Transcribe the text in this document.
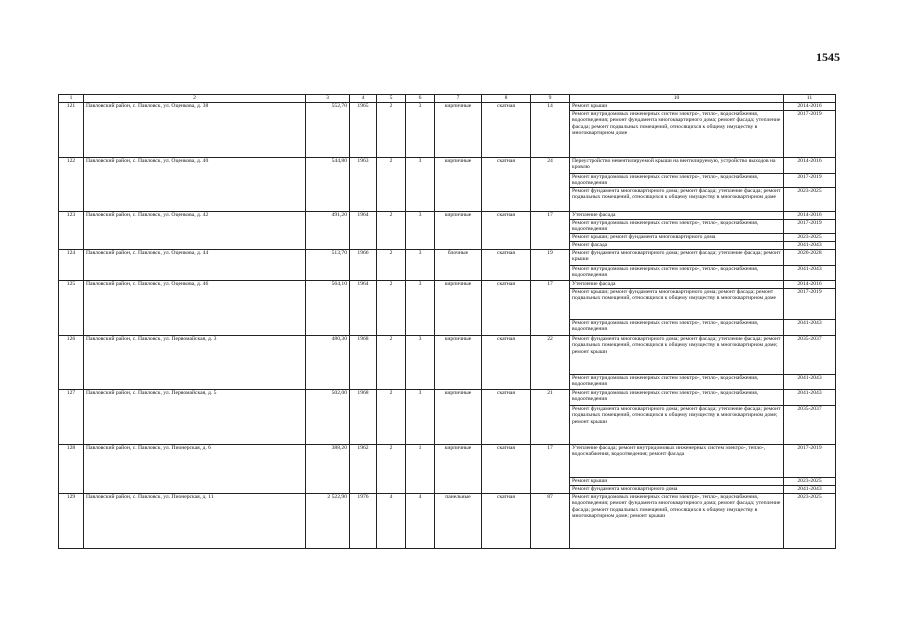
1545
1	2	3	4	5	6	7	8	9	10	11
121	Павловский район, с. Павловск, ул. Оценкова, д. 38	552,70	1965	2	3	кирпичные	скатная	14	Ремонт крыши	2014-2016
									Ремонт внутридомовых инженерных систем электро-, тепло-, водоснабжения, водоотведения; ремонт фундамента многоквартирного дома; ремонт фасада; утепление фасада; ремонт подвальных помещений, относящихся к общему имуществу в многоквартирном доме	2017-2019
122	Павловский район, с. Павловск, ул. Оценкова, д. 40	544,80	1963	2	3	кирпичные	скатная	24	Переустройство невентилируемой крыши на вентилируемую, устройство выходов на кровлю	2014-2016
									Ремонт внутридомовых инженерных систем электро-, тепло-, водоснабжения, водоотведения	2017-2019
									Ремонт фундамента многоквартирного дома; ремонт фасада; утепление фасада; ремонт подвальных помещений, относящихся к общему имуществу в многоквартирном доме	2023-2025
123	Павловский район, с. Павловск, ул. Оценкова, д. 42	491,20	1964	2	3	кирпичные	скатная	17	Утепление фасада	2014-2016
									Ремонт внутридомовых инженерных систем электро-, тепло-, водоснабжения, водоотведения	2017-2019
									Ремонт крыши; ремонт фундамента многоквартирного дома	2023-2025
									Ремонт фасада	2041-2043
124	Павловский район, с. Павловск, ул. Оценкова, д. 44	513,70	1966	2	3	блочные	скатная	19	Ремонт фундамента многоквартирного дома; ремонт фасада; утепление фасада; ремонт крыши	2026-2028
									Ремонт внутридомовых инженерных систем электро-, тепло-, водоснабжения, водоотведения	2041-2043
125	Павловский район, с. Павловск, ул. Оценкова, д. 46	564,10	1964	2	3	кирпичные	скатная	17	Утепление фасада	2014-2016
									Ремонт крыши; ремонт фундамента многоквартирного дома; ремонт фасада; ремонт подвальных помещений, относящихся к общему имуществу в многоквартирном доме	2017-2019
									Ремонт внутридомовых инженерных систем электро-, тепло-, водоснабжения, водоотведения	2041-2043
126	Павловский район, с. Павловск, ул. Первомайская, д. 3	480,30	1968	2	3	кирпичные	скатная	22	Ремонт фундамента многоквартирного дома; ремонт фасада; утепление фасада; ремонт подвальных помещений, относящихся к общему имуществу в многоквартирном доме; ремонт крыши	2035-2037
									Ремонт внутридомовых инженерных систем электро-, тепло-, водоснабжения, водоотведения	2041-2043
127	Павловский район, с. Павловск, ул. Первомайская, д. 5	502,00	1968	2	3	кирпичные	скатная	21	Ремонт внутридомовых инженерных систем электро-, тепло-, водоснабжения, водоотведения	2041-2043
									Ремонт фундамента многоквартирного дома; ремонт фасада; утепление фасада; ремонт подвальных помещений, относящихся к общему имуществу в многоквартирном доме; ремонт крыши	2035-2037
128	Павловский район, с. Павловск, ул. Пионерская, д. 6	388,20	1962	2	1	кирпичные	скатная	17	Утепление фасада; ремонт внутридомовых инженерных систем электро-, тепло-, водоснабжения, водоотведения; ремонт фасада	2017-2019
									Ремонт крыши	2023-2025
									Ремонт фундамента многоквартирного дома	2041-2043
129	Павловский район, с. Павловск, ул. Пионерская, д. 11	2 522,90	1976	4	4	панельные	скатная	87	Ремонт внутридомовых инженерных систем электро-, тепло-, водоснабжения, водоотведения; ремонт фундамента многоквартирного дома; ремонт фасада; утепление фасада; ремонт подвальных помещений, относящихся к общему имуществу в многоквартирном доме; ремонт крыши	2023-2025
